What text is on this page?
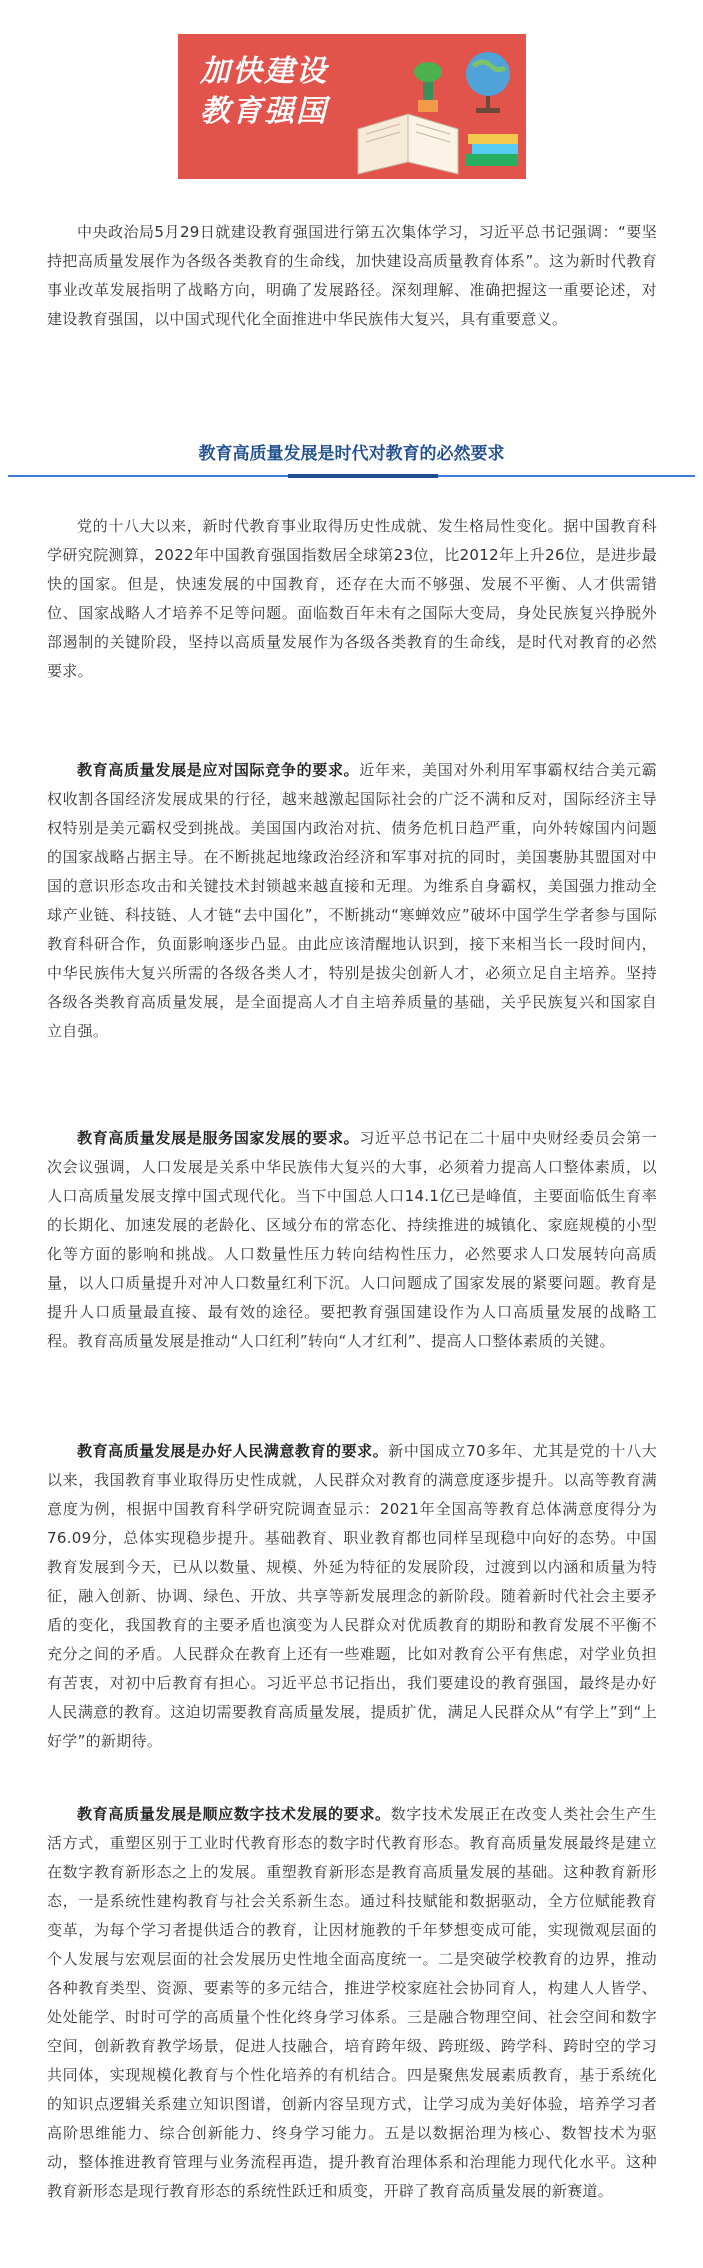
加快建设
教育强国

中央政治局5月29日就建设教育强国进行第五次集体学习，习近平总书记强调：“要坚持把高质量发展作为各级各类教育的生命线，加快建设高质量教育体系”。这为新时代教育事业改革发展指明了战略方向，明确了发展路径。深刻理解、准确把握这一重要论述，对建设教育强国，以中国式现代化全面推进中华民族伟大复兴，具有重要意义。

教育高质量发展是时代对教育的必然要求

党的十八大以来，新时代教育事业取得历史性成就、发生格局性变化。据中国教育科学研究院测算，2022年中国教育强国指数居全球第23位，比2012年上升26位，是进步最快的国家。但是，快速发展的中国教育，还存在大而不够强、发展不平衡、人才供需错位、国家战略人才培养不足等问题。面临数百年未有之国际大变局，身处民族复兴挣脱外部遏制的关键阶段，坚持以高质量发展作为各级各类教育的生命线，是时代对教育的必然要求。

教育高质量发展是应对国际竞争的要求。近年来，美国对外利用军事霸权结合美元霸权收割各国经济发展成果的行径，越来越激起国际社会的广泛不满和反对，国际经济主导权特别是美元霸权受到挑战。美国国内政治对抗、债务危机日趋严重，向外转嫁国内问题的国家战略占据主导。在不断挑起地缘政治经济和军事对抗的同时，美国裹胁其盟国对中国的意识形态攻击和关键技术封锁越来越直接和无理。为维系自身霸权，美国强力推动全球产业链、科技链、人才链“去中国化”，不断挑动“寒蝉效应”破坏中国学生学者参与国际教育科研合作，负面影响逐步凸显。由此应该清醒地认识到，接下来相当长一段时间内，中华民族伟大复兴所需的各级各类人才，特别是拔尖创新人才，必须立足自主培养。坚持各级各类教育高质量发展，是全面提高人才自主培养质量的基础，关乎民族复兴和国家自立自强。

教育高质量发展是服务国家发展的要求。习近平总书记在二十届中央财经委员会第一次会议强调，人口发展是关系中华民族伟大复兴的大事，必须着力提高人口整体素质，以人口高质量发展支撑中国式现代化。当下中国总人口14.1亿已是峰值，主要面临低生育率的长期化、加速发展的老龄化、区域分布的常态化、持续推进的城镇化、家庭规模的小型化等方面的影响和挑战。人口数量性压力转向结构性压力，必然要求人口发展转向高质量，以人口质量提升对冲人口数量红利下沉。人口问题成了国家发展的紧要问题。教育是提升人口质量最直接、最有效的途径。要把教育强国建设作为人口高质量发展的战略工程。教育高质量发展是推动“人口红利”转向“人才红利”、提高人口整体素质的关键。

教育高质量发展是办好人民满意教育的要求。新中国成立70多年、尤其是党的十八大以来，我国教育事业取得历史性成就，人民群众对教育的满意度逐步提升。以高等教育满意度为例，根据中国教育科学研究院调查显示：2021年全国高等教育总体满意度得分为76.09分，总体实现稳步提升。基础教育、职业教育都也同样呈现稳中向好的态势。中国教育发展到今天，已从以数量、规模、外延为特征的发展阶段，过渡到以内涵和质量为特征，融入创新、协调、绿色、开放、共享等新发展理念的新阶段。随着新时代社会主要矛盾的变化，我国教育的主要矛盾也演变为人民群众对优质教育的期盼和教育发展不平衡不充分之间的矛盾。人民群众在教育上还有一些难题，比如对教育公平有焦虑，对学业负担有苦衷，对初中后教育有担心。习近平总书记指出，我们要建设的教育强国，最终是办好人民满意的教育。这迫切需要教育高质量发展，提质扩优，满足人民群众从“有学上”到“上好学”的新期待。

教育高质量发展是顺应数字技术发展的要求。数字技术发展正在改变人类社会生产生活方式，重塑区别于工业时代教育形态的数字时代教育形态。教育高质量发展最终是建立在数字教育新形态之上的发展。重塑教育新形态是教育高质量发展的基础。这种教育新形态，一是系统性建构教育与社会关系新生态。通过科技赋能和数据驱动，全方位赋能教育变革，为每个学习者提供适合的教育，让因材施教的千年梦想变成可能，实现微观层面的个人发展与宏观层面的社会发展历史性地全面高度统一。二是突破学校教育的边界，推动各种教育类型、资源、要素等的多元结合，推进学校家庭社会协同育人，构建人人皆学、处处能学、时时可学的高质量个性化终身学习体系。三是融合物理空间、社会空间和数字空间，创新教育教学场景，促进人技融合，培育跨年级、跨班级、跨学科、跨时空的学习共同体，实现规模化教育与个性化培养的有机结合。四是聚焦发展素质教育，基于系统化的知识点逻辑关系建立知识图谱，创新内容呈现方式，让学习成为美好体验，培养学习者高阶思维能力、综合创新能力、终身学习能力。五是以数据治理为核心、数智技术为驱动，整体推进教育管理与业务流程再造，提升教育治理体系和治理能力现代化水平。这种教育新形态是现行教育形态的系统性跃迁和质变，开辟了教育高质量发展的新赛道。
